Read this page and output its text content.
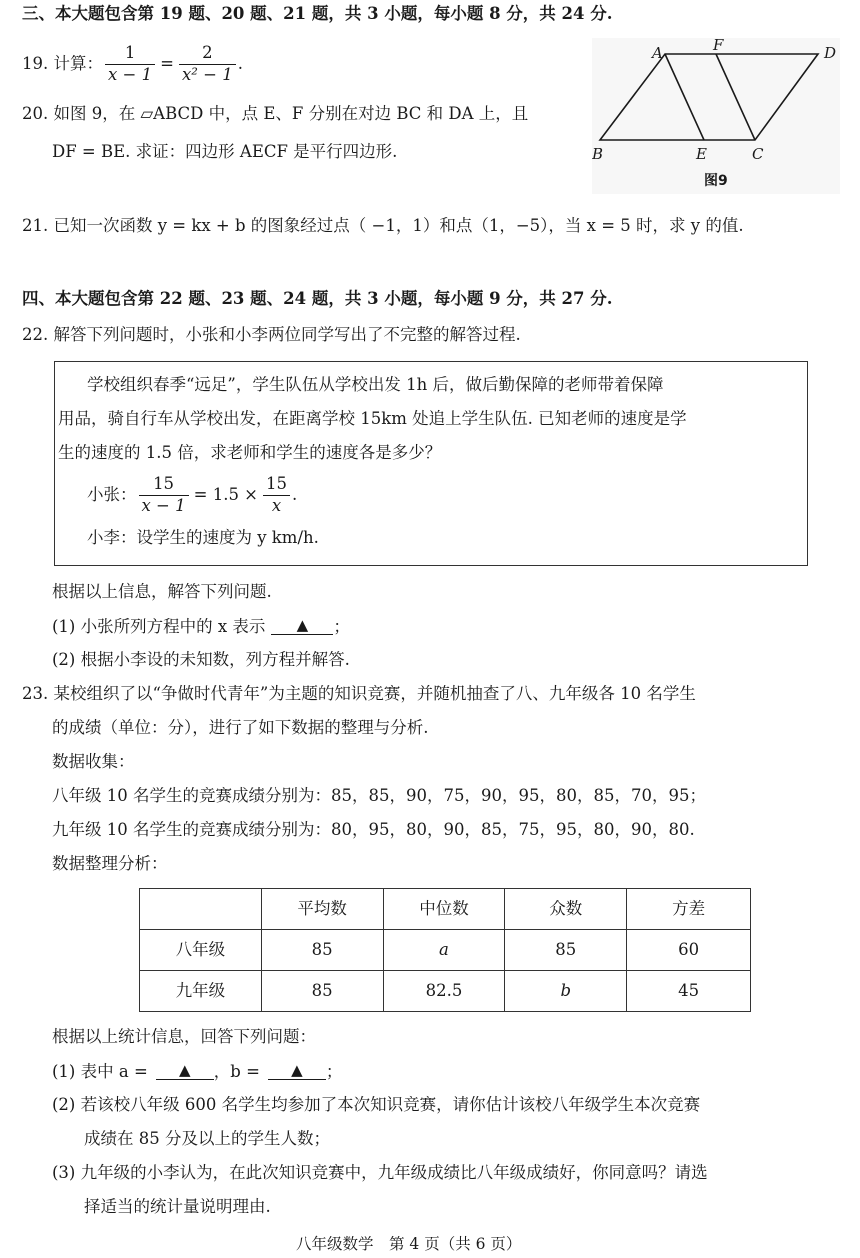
三、本大题包含第 19 题、20 题、21 题，共 3 小题，每小题 8 分，共 24 分.
19. 计算： $\frac{1}{x - 1} = \frac{2}{\text{x² − 1}}$ .
20. 如图 9，在 ▱ABCD 中，点 E、F 分别在对边 BC 和 DA 上，且
DF = BE. 求证：四边形 AECF 是平行四边形.
A	F	D
B	E	C
图9
21. 已知一次函数 y = kx + b 的图象经过点（ −1，1）和点（1，−5），当 x = 5 时，求 y 的值.
四、本大题包含第 22 题、23 题、24 题，共 3 小题，每小题 9 分，共 27 分.
22. 解答下列问题时，小张和小李两位同学写出了不完整的解答过程.
学校组织春季“远足”，学生队伍从学校出发 1h 后，做后勤保障的老师带着保障
用品，骑自行车从学校出发，在距离学校 15km 处追上学生队伍. 已知老师的速度是学
生的速度的 1.5 倍，求老师和学生的速度各是多少？
小张： $\frac{15}{x - 1} = 1.5 \times \frac{15}{x}$ .
小李：设学生的速度为 y km/h.
根据以上信息，解答下列问题.
(1) 小张所列方程中的 x 表示	▲	；
(2) 根据小李设的未知数，列方程并解答.
23. 某校组织了以“争做时代青年”为主题的知识竞赛，并随机抽查了八、九年级各 10 名学生
的成绩（单位：分），进行了如下数据的整理与分析.
数据收集：
八年级 10 名学生的竞赛成绩分别为：85，85，90，75，90，95，80，85，70，95；
九年级 10 名学生的竞赛成绩分别为：80，95，80，90，85，75，95，80，90，80.
数据整理分析：
	平均数	中位数	众数	方差
八年级	85	a	85	60
九年级	85	82.5	b	45
根据以上统计信息，回答下列问题：
(1) 表中 a =	▲	，b =	▲	；
(2) 若该校八年级 600 名学生均参加了本次知识竞赛，请你估计该校八年级学生本次竞赛
成绩在 85 分及以上的学生人数；
(3) 九年级的小李认为，在此次知识竞赛中，九年级成绩比八年级成绩好，你同意吗？请选
择适当的统计量说明理由.
八年级数学　第 4 页（共 6 页）
